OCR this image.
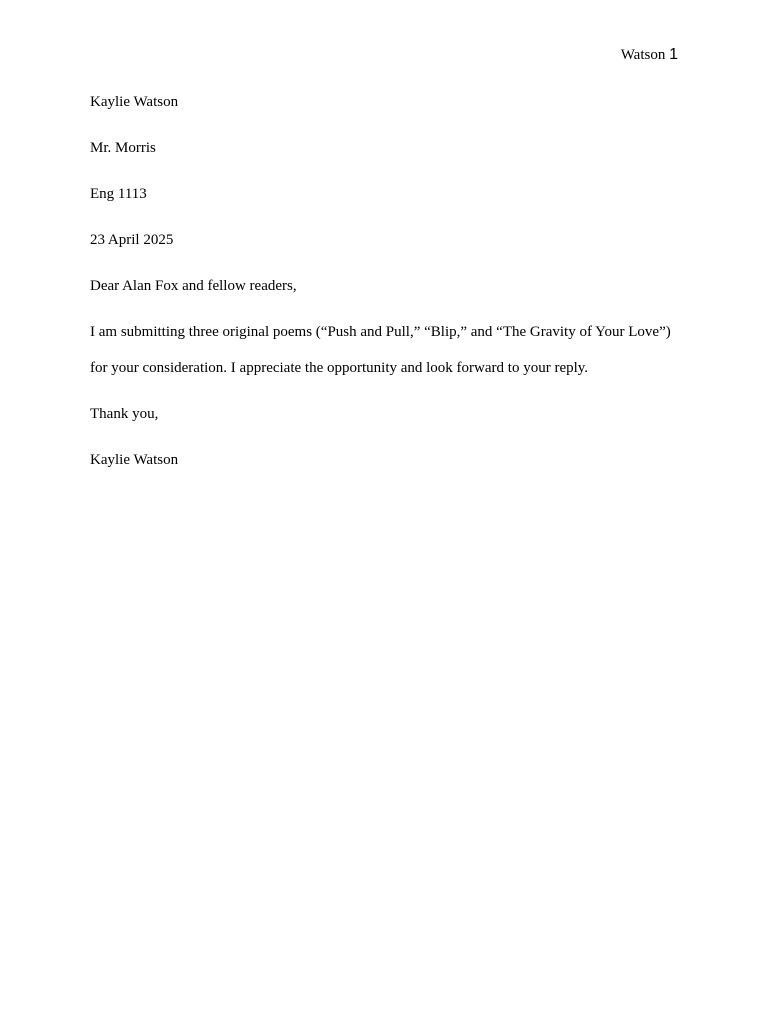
Watson 1
Kaylie Watson
Mr. Morris
Eng 1113
23 April 2025
Dear Alan Fox and fellow readers,
I am submitting three original poems (“Push and Pull,” “Blip,” and “The Gravity of Your Love”)
for your consideration. I appreciate the opportunity and look forward to your reply.
Thank you,
Kaylie Watson
